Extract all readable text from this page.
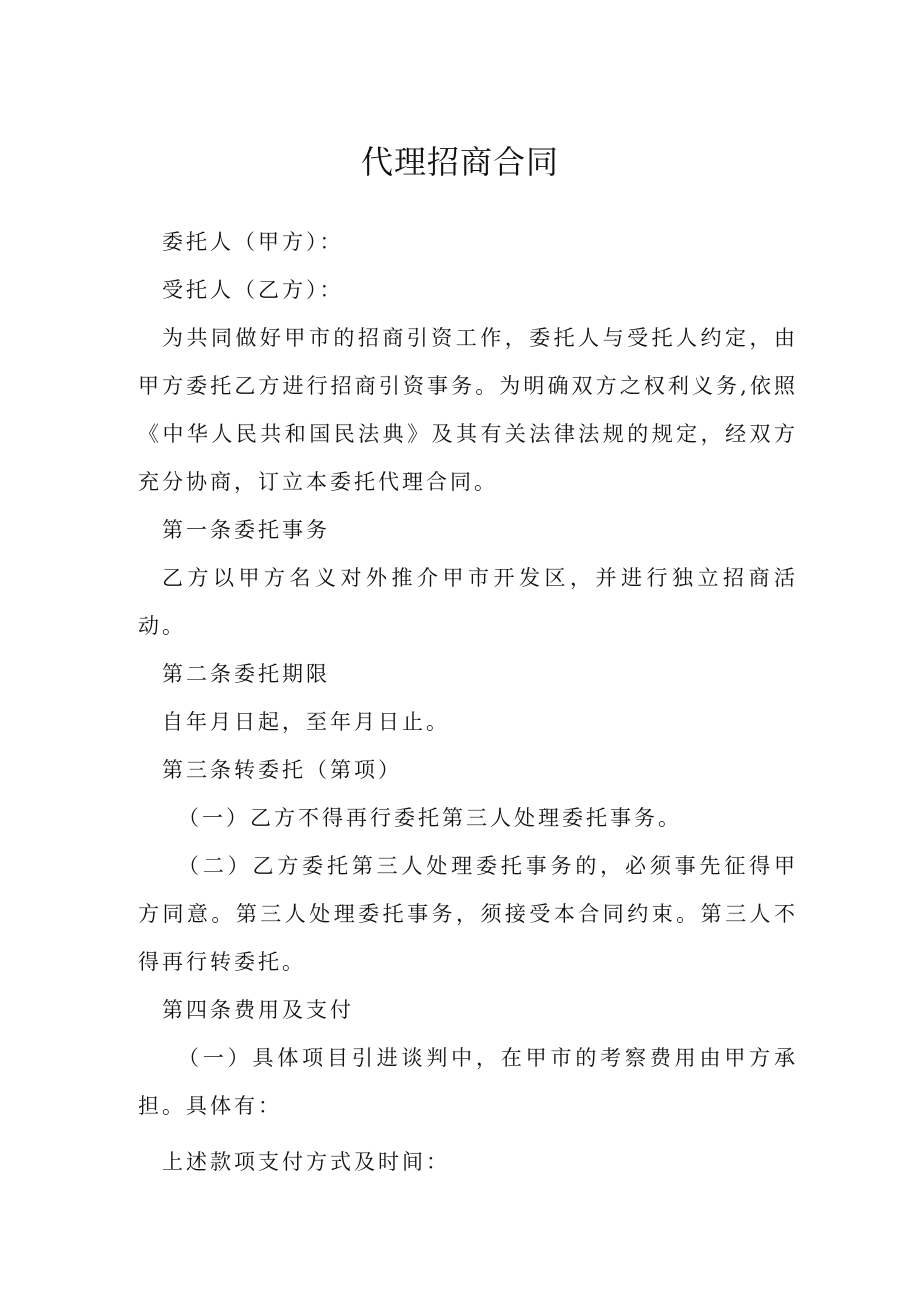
代理招商合同

委托人（甲方）：

受托人（乙方）：

为共同做好甲市的招商引资工作，委托人与受托人约定，由甲方委托乙方进行招商引资事务。为明确双方之权利义务,依照《中华人民共和国民法典》及其有关法律法规的规定，经双方充分协商，订立本委托代理合同。

第一条委托事务

乙方以甲方名义对外推介甲市开发区，并进行独立招商活动。

第二条委托期限

自年月日起，至年月日止。

第三条转委托（第项）

（一）乙方不得再行委托第三人处理委托事务。

（二）乙方委托第三人处理委托事务的，必须事先征得甲方同意。第三人处理委托事务，须接受本合同约束。第三人不得再行转委托。

第四条费用及支付

（一）具体项目引进谈判中，在甲市的考察费用由甲方承担。具体有：

上述款项支付方式及时间：
